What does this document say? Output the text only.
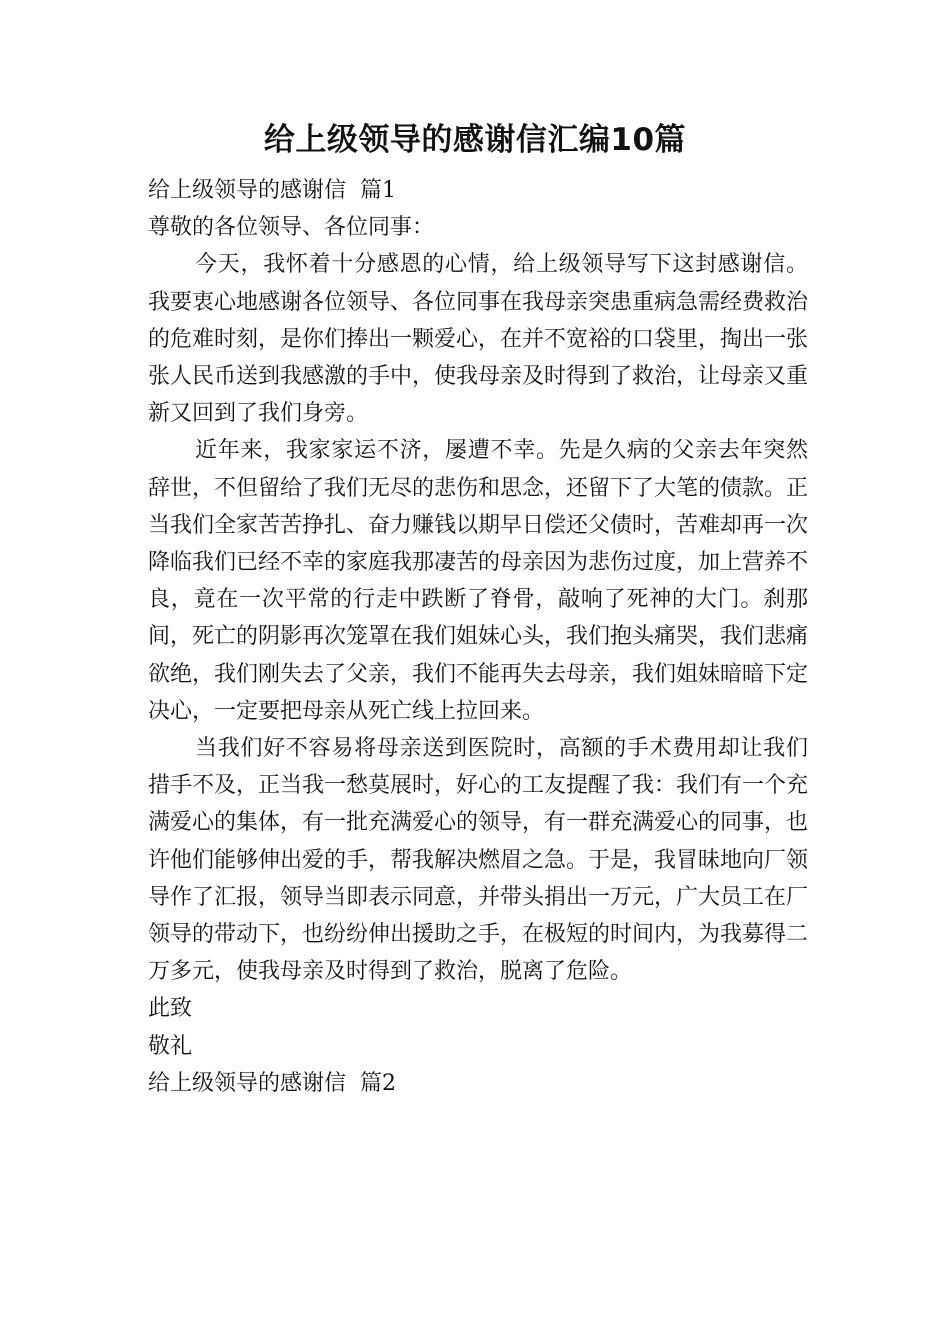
给上级领导的感谢信汇编10篇

给上级领导的感谢信  篇1

尊敬的各位领导、各位同事：

今天，我怀着十分感恩的心情，给上级领导写下这封感谢信。我要衷心地感谢各位领导、各位同事在我母亲突患重病急需经费救治的危难时刻，是你们捧出一颗爱心，在并不宽裕的口袋里，掏出一张张人民币送到我感激的手中，使我母亲及时得到了救治，让母亲又重新又回到了我们身旁。

近年来，我家家运不济，屡遭不幸。先是久病的父亲去年突然辞世，不但留给了我们无尽的悲伤和思念，还留下了大笔的债款。正当我们全家苦苦挣扎、奋力赚钱以期早日偿还父债时，苦难却再一次降临我们已经不幸的家庭我那凄苦的母亲因为悲伤过度，加上营养不良，竟在一次平常的行走中跌断了脊骨，敲响了死神的大门。刹那间，死亡的阴影再次笼罩在我们姐妹心头，我们抱头痛哭，我们悲痛欲绝，我们刚失去了父亲，我们不能再失去母亲，我们姐妹暗暗下定决心，一定要把母亲从死亡线上拉回来。

当我们好不容易将母亲送到医院时，高额的手术费用却让我们措手不及，正当我一愁莫展时，好心的工友提醒了我：我们有一个充满爱心的集体，有一批充满爱心的领导，有一群充满爱心的同事，也许他们能够伸出爱的手，帮我解决燃眉之急。于是，我冒昧地向厂领导作了汇报，领导当即表示同意，并带头捐出一万元，广大员工在厂领导的带动下，也纷纷伸出援助之手，在极短的时间内，为我募得二万多元，使我母亲及时得到了救治，脱离了危险。

此致

敬礼

给上级领导的感谢信  篇2
